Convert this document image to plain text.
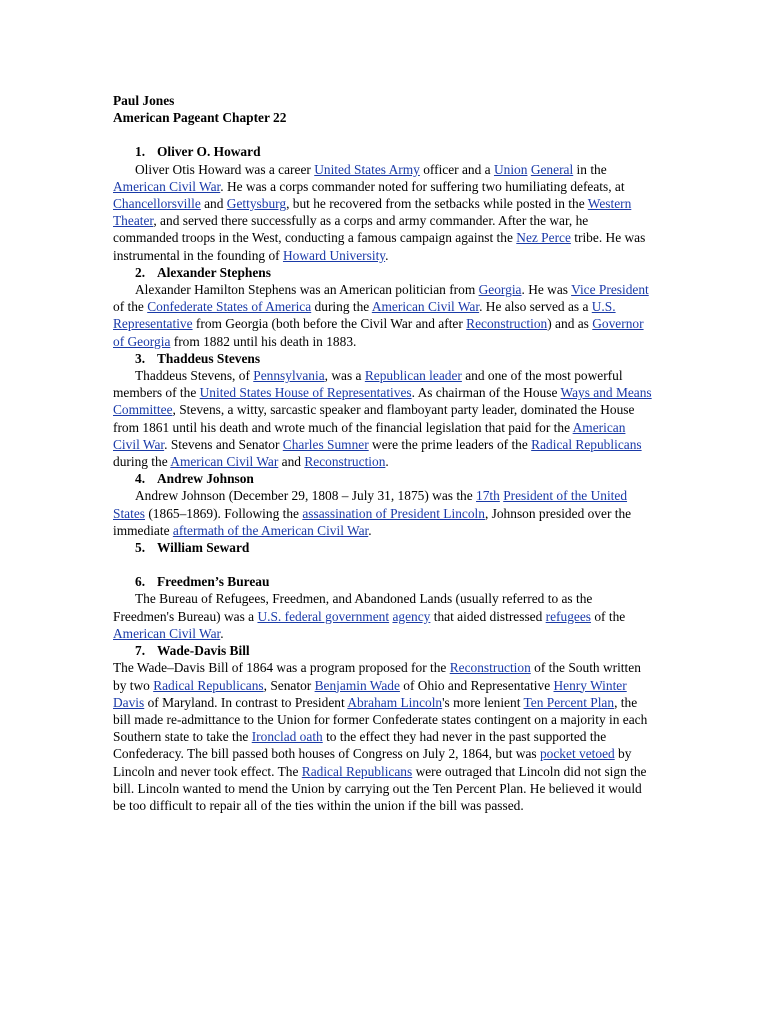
Paul Jones
American Pageant Chapter 22
1. Oliver O. Howard

Oliver Otis Howard was a career United States Army officer and a Union General in the American Civil War. He was a corps commander noted for suffering two humiliating defeats, at Chancellorsville and Gettysburg, but he recovered from the setbacks while posted in the Western Theater, and served there successfully as a corps and army commander. After the war, he commanded troops in the West, conducting a famous campaign against the Nez Perce tribe. He was instrumental in the founding of Howard University.

2. Alexander Stephens

Alexander Hamilton Stephens was an American politician from Georgia. He was Vice President of the Confederate States of America during the American Civil War. He also served as a U.S. Representative from Georgia (both before the Civil War and after Reconstruction) and as Governor of Georgia from 1882 until his death in 1883.

3. Thaddeus Stevens

Thaddeus Stevens, of Pennsylvania, was a Republican leader and one of the most powerful members of the United States House of Representatives. As chairman of the House Ways and Means Committee, Stevens, a witty, sarcastic speaker and flamboyant party leader, dominated the House from 1861 until his death and wrote much of the financial legislation that paid for the American Civil War. Stevens and Senator Charles Sumner were the prime leaders of the Radical Republicans during the American Civil War and Reconstruction.

4. Andrew Johnson

Andrew Johnson (December 29, 1808 – July 31, 1875) was the 17th President of the United States (1865–1869). Following the assassination of President Lincoln, Johnson presided over the immediate aftermath of the American Civil War.

5. William Seward
6. Freedmen’s Bureau

The Bureau of Refugees, Freedmen, and Abandoned Lands (usually referred to as the Freedmen's Bureau) was a U.S. federal government agency that aided distressed refugees of the American Civil War.

7. Wade-Davis Bill

The Wade–Davis Bill of 1864 was a program proposed for the Reconstruction of the South written by two Radical Republicans, Senator Benjamin Wade of Ohio and Representative Henry Winter Davis of Maryland. In contrast to President Abraham Lincoln's more lenient Ten Percent Plan, the bill made re-admittance to the Union for former Confederate states contingent on a majority in each Southern state to take the Ironclad oath to the effect they had never in the past supported the Confederacy. The bill passed both houses of Congress on July 2, 1864, but was pocket vetoed by Lincoln and never took effect. The Radical Republicans were outraged that Lincoln did not sign the bill. Lincoln wanted to mend the Union by carrying out the Ten Percent Plan. He believed it would be too difficult to repair all of the ties within the union if the bill was passed.
